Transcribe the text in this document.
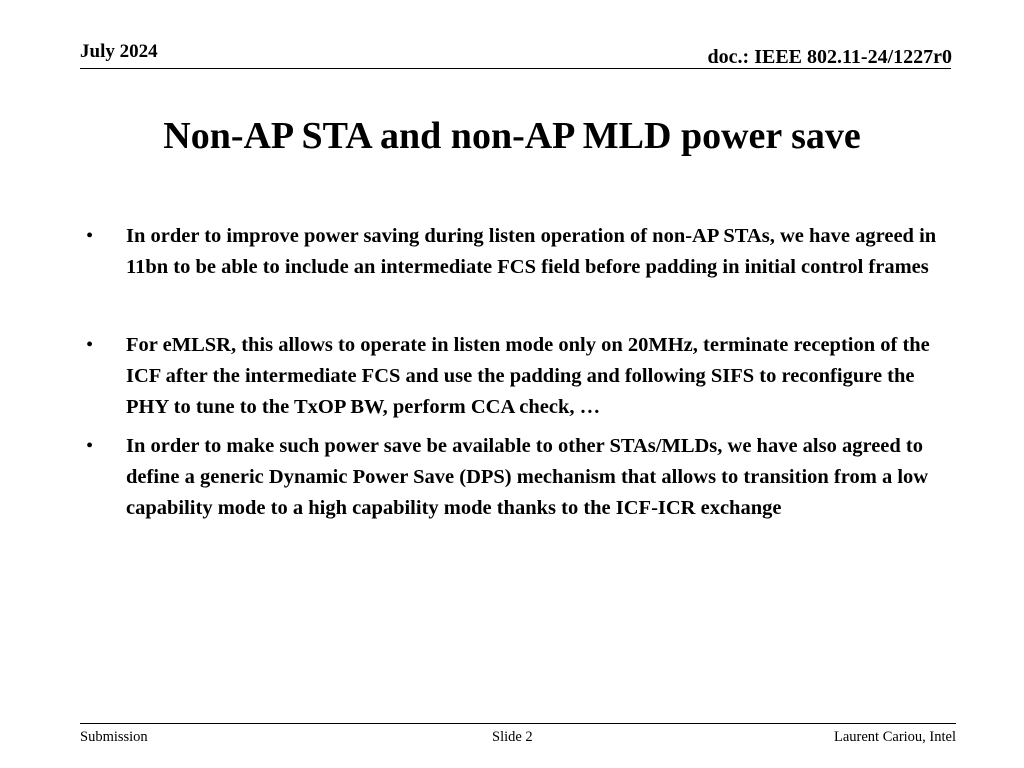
July 2024	doc.: IEEE 802.11-24/1227r0
Non-AP STA and non-AP MLD power save
• In order to improve power saving during listen operation of non-AP STAs, we have agreed in 11bn to be able to include an intermediate FCS field before padding in initial control frames
• For eMLSR, this allows to operate in listen mode only on 20MHz, terminate reception of the ICF after the intermediate FCS and use the padding and following SIFS to reconfigure the PHY to tune to the TxOP BW, perform CCA check, …
• In order to make such power save be available to other STAs/MLDs, we have also agreed to define a generic Dynamic Power Save (DPS) mechanism that allows to transition from a low capability mode to a high capability mode thanks to the ICF-ICR exchange
Submission	Slide 2	Laurent Cariou, Intel
